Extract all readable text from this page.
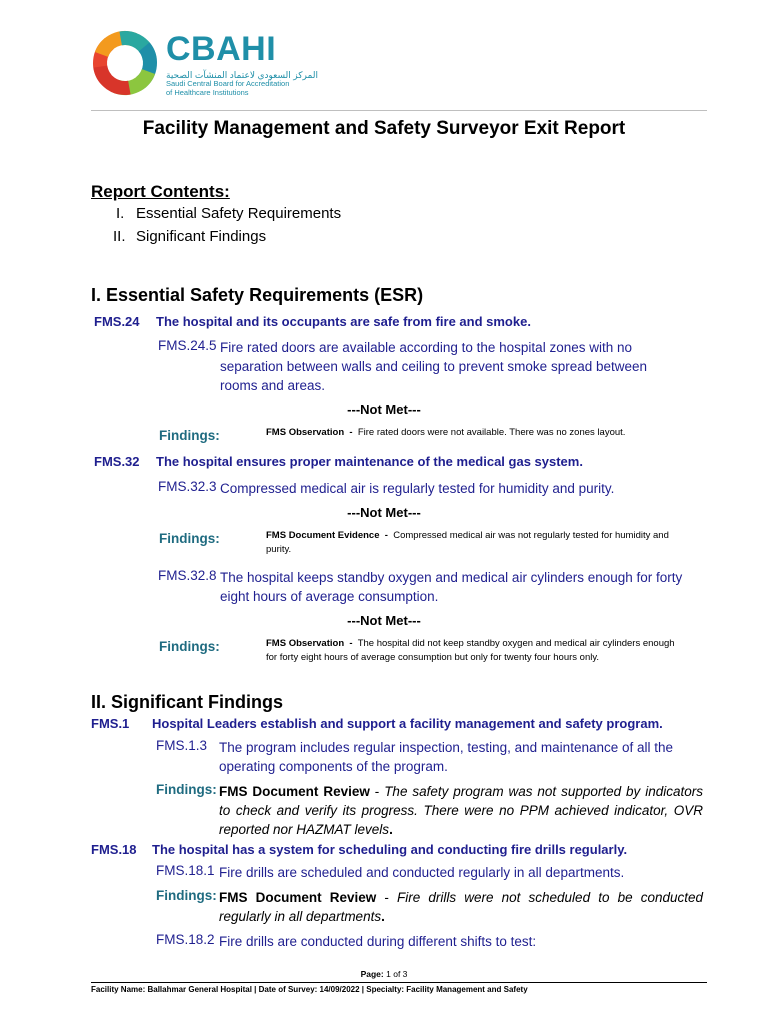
CBAHI
المركز السعودي لاعتماد المنشآت الصحية
Saudi Central Board for Accreditation
of Healthcare Institutions
Facility Management and Safety Surveyor Exit Report
Report Contents:
I. Essential Safety Requirements
II. Significant Findings
I. Essential Safety Requirements (ESR)
FMS.24 The hospital and its occupants are safe from fire and smoke.
FMS.24.5 Fire rated doors are available according to the hospital zones with no separation between walls and ceiling to prevent smoke spread between rooms and areas.
---Not Met---
Findings:	FMS Observation - Fire rated doors were not available. There was no zones layout.
FMS.32 The hospital ensures proper maintenance of the medical gas system.
FMS.32.3 Compressed medical air is regularly tested for humidity and purity.
---Not Met---
Findings:	FMS Document Evidence - Compressed medical air was not regularly tested for humidity and purity.
FMS.32.8 The hospital keeps standby oxygen and medical air cylinders enough for forty eight hours of average consumption.
---Not Met---
Findings:	FMS Observation - The hospital did not keep standby oxygen and medical air cylinders enough for forty eight hours of average consumption but only for twenty four hours only.
II. Significant Findings
FMS.1 Hospital Leaders establish and support a facility management and safety program.
FMS.1.3 The program includes regular inspection, testing, and maintenance of all the operating components of the program.
Findings: FMS Document Review - The safety program was not supported by indicators to check and verify its progress. There were no PPM achieved indicator, OVR reported nor HAZMAT levels.
FMS.18 The hospital has a system for scheduling and conducting fire drills regularly.
FMS.18.1 Fire drills are scheduled and conducted regularly in all departments.
Findings: FMS Document Review - Fire drills were not scheduled to be conducted regularly in all departments.
FMS.18.2 Fire drills are conducted during different shifts to test:
Page: 1 of 3
Facility Name: Ballahmar General Hospital | Date of Survey: 14/09/2022 | Specialty: Facility Management and Safety
